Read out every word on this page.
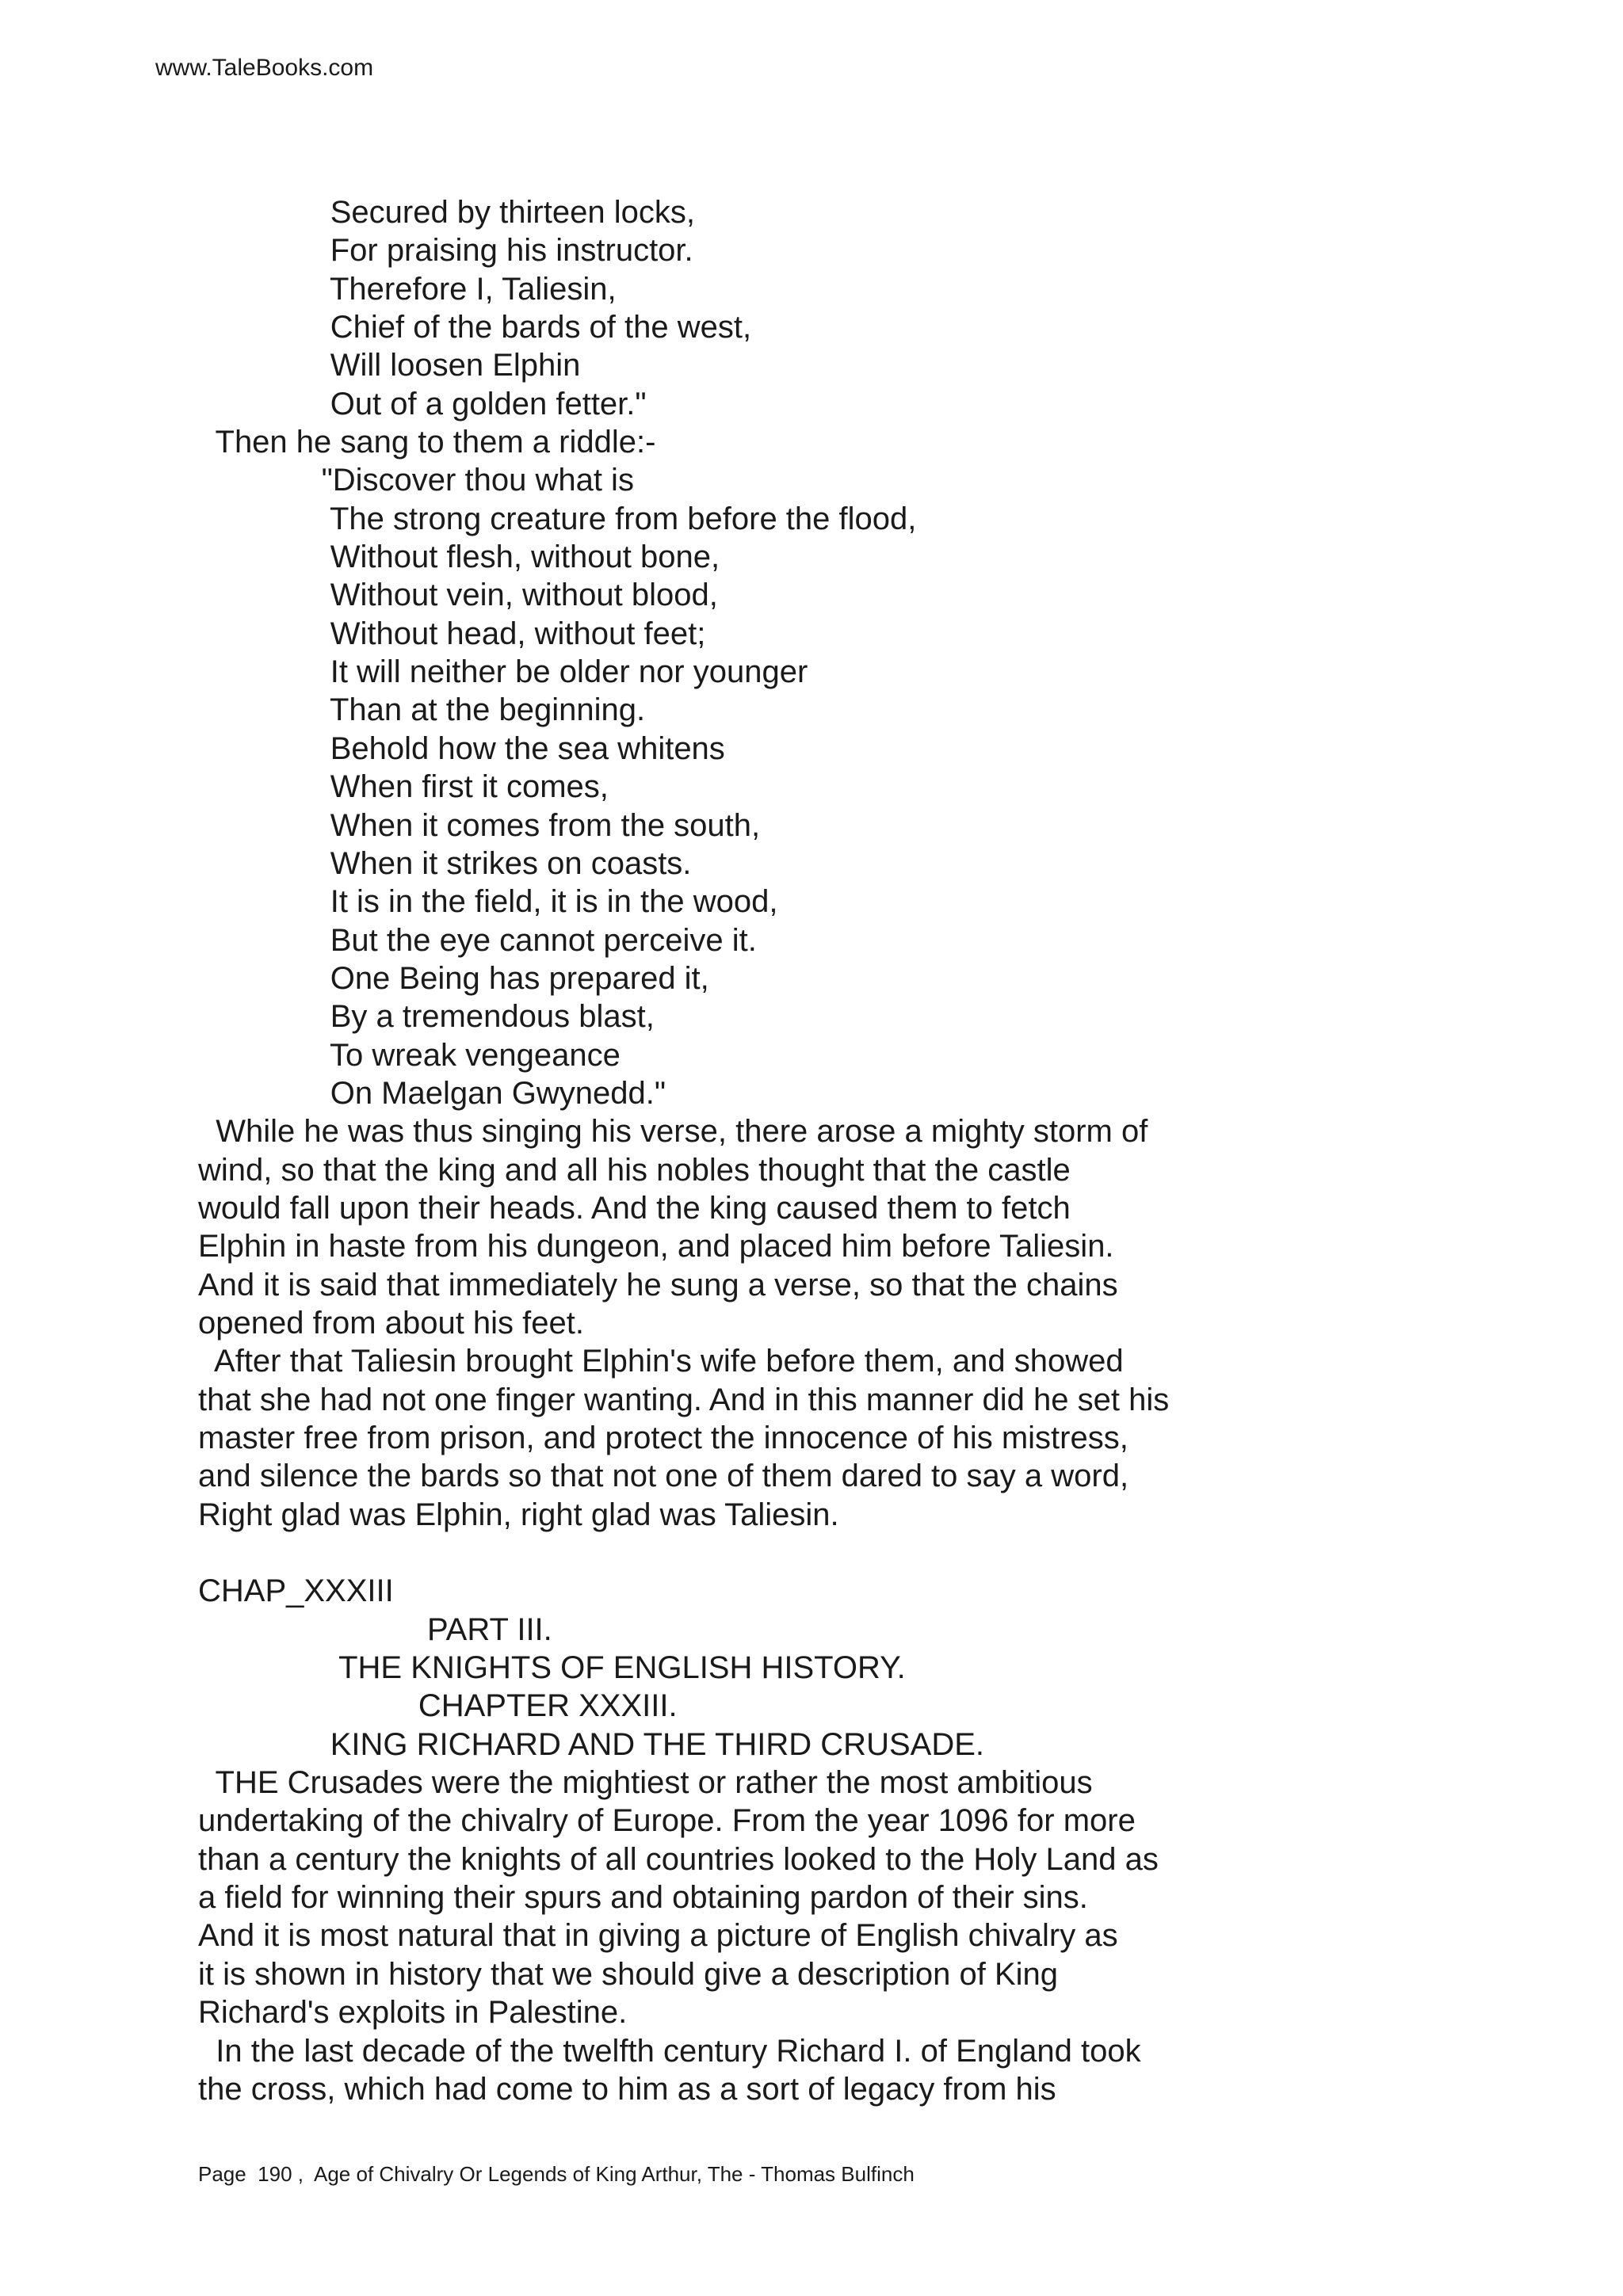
www.TaleBooks.com
Secured by thirteen locks,
For praising his instructor.
Therefore I, Taliesin,
Chief of the bards of the west,
Will loosen Elphin
Out of a golden fetter."
Then he sang to them a riddle:-
"Discover thou what is
The strong creature from before the flood,
Without flesh, without bone,
Without vein, without blood,
Without head, without feet;
It will neither be older nor younger
Than at the beginning.
Behold how the sea whitens
When first it comes,
When it comes from the south,
When it strikes on coasts.
It is in the field, it is in the wood,
But the eye cannot perceive it.
One Being has prepared it,
By a tremendous blast,
To wreak vengeance
On Maelgan Gwynedd."
While he was thus singing his verse, there arose a mighty storm of
wind, so that the king and all his nobles thought that the castle
would fall upon their heads. And the king caused them to fetch
Elphin in haste from his dungeon, and placed him before Taliesin.
And it is said that immediately he sung a verse, so that the chains
opened from about his feet.
After that Taliesin brought Elphin's wife before them, and showed
that she had not one finger wanting. And in this manner did he set his
master free from prison, and protect the innocence of his mistress,
and silence the bards so that not one of them dared to say a word,
Right glad was Elphin, right glad was Taliesin.
CHAP_XXXIII
PART III.
THE KNIGHTS OF ENGLISH HISTORY.
CHAPTER XXXIII.
KING RICHARD AND THE THIRD CRUSADE.
THE Crusades were the mightiest or rather the most ambitious
undertaking of the chivalry of Europe. From the year 1096 for more
than a century the knights of all countries looked to the Holy Land as
a field for winning their spurs and obtaining pardon of their sins.
And it is most natural that in giving a picture of English chivalry as
it is shown in history that we should give a description of King
Richard's exploits in Palestine.
In the last decade of the twelfth century Richard I. of England took
the cross, which had come to him as a sort of legacy from his
Page  190 ,  Age of Chivalry Or Legends of King Arthur, The - Thomas Bulfinch
